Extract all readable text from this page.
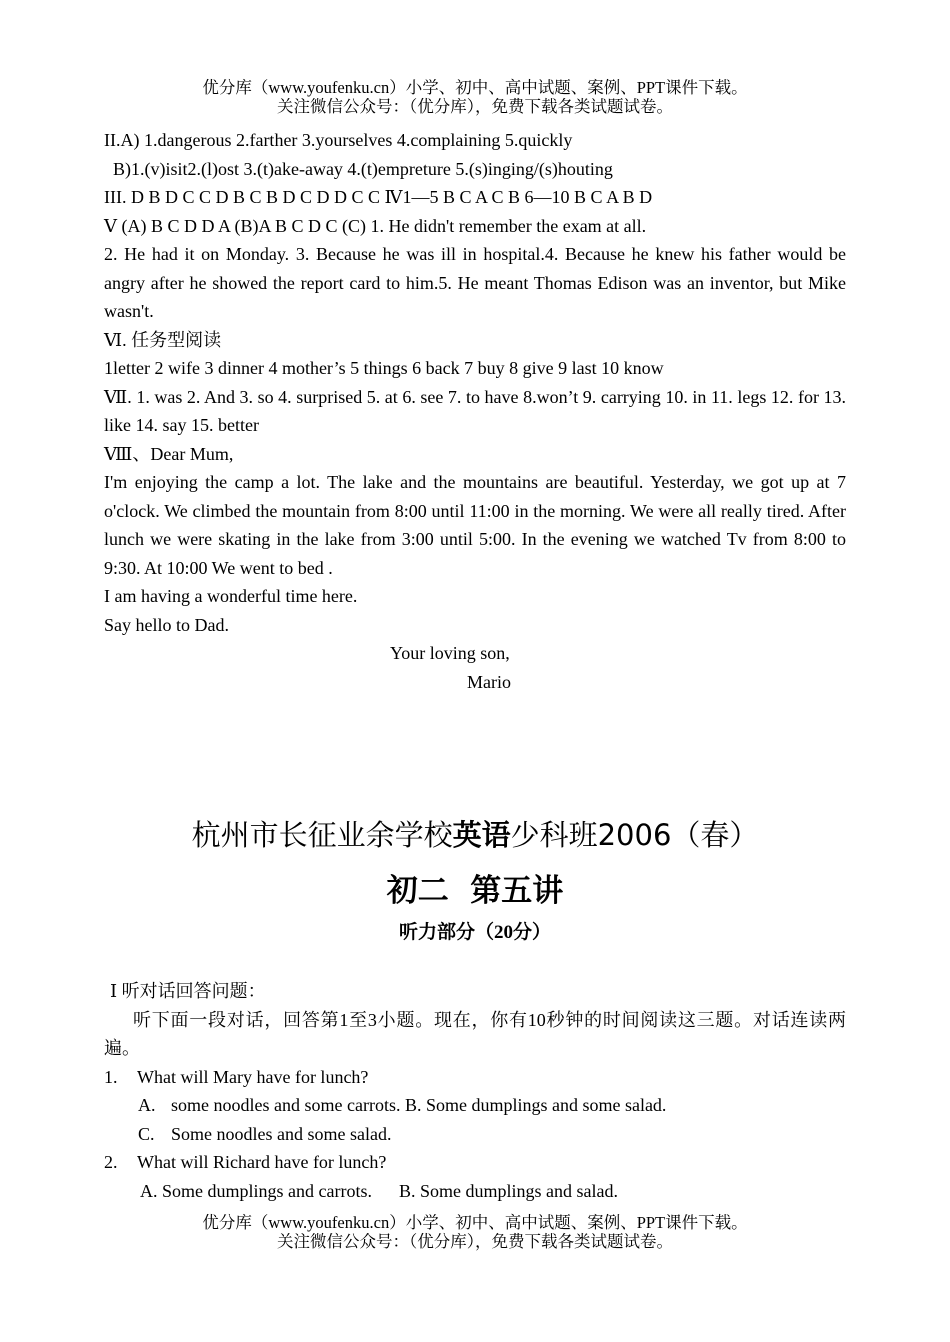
优分库（www.youfenku.cn）小学、初中、高中试题、案例、PPT课件下载。
关注微信公众号：（优分库），免费下载各类试题试卷。

II.A) 1.dangerous 2.farther 3.yourselves 4.complaining 5.quickly

B)1.(v)isit2.(l)ost 3.(t)ake-away 4.(t)empreture 5.(s)inging/(s)houting

III. D B D C C D B C B D C D D C C Ⅳ1—5 B C A C B 6—10 B C A B D

Ⅴ (A) B C D D A (B)A B C D C (C) 1. He didn't remember the exam at all.

2. He had it on Monday. 3. Because he was ill in hospital.4. Because he knew his father would be angry after he showed the report card to him.5. He meant Thomas Edison was an inventor, but Mike wasn't.

Ⅵ. 任务型阅读

1letter 2 wife 3 dinner 4 mother’s 5 things 6 back 7 buy 8 give 9 last 10 know

Ⅶ. 1. was 2. And 3. so 4. surprised 5. at 6. see 7. to have 8.won’t 9. carrying 10. in 11. legs 12. for 13. like 14. say 15. better

Ⅷ、Dear Mum,

I'm enjoying the camp a lot. The lake and the mountains are beautiful. Yesterday, we got up at 7 o'clock. We climbed the mountain from 8:00 until 11:00 in the morning. We were all really tired. After lunch we were skating in the lake from 3:00 until 5:00. In the evening we watched Tv from 8:00 to 9:30. At 10:00 We went to bed .

I am having a wonderful time here.

Say hello to Dad.

Your loving son,

Mario

杭州市长征业余学校英语少科班2006（春）
初二  第五讲
听力部分（20分）

Ⅰ 听对话回答问题：

听下面一段对话，回答第1至3小题。现在，你有10秒钟的时间阅读这三题。对话连读两遍。

1. What will Mary have for lunch?

A. some noodles and some carrots. B. Some dumplings and some salad.

C. Some noodles and some salad.

2. What will Richard have for lunch?

A. Some dumplings and carrots.      B. Some dumplings and salad.

优分库（www.youfenku.cn）小学、初中、高中试题、案例、PPT课件下载。
关注微信公众号：（优分库），免费下载各类试题试卷。
